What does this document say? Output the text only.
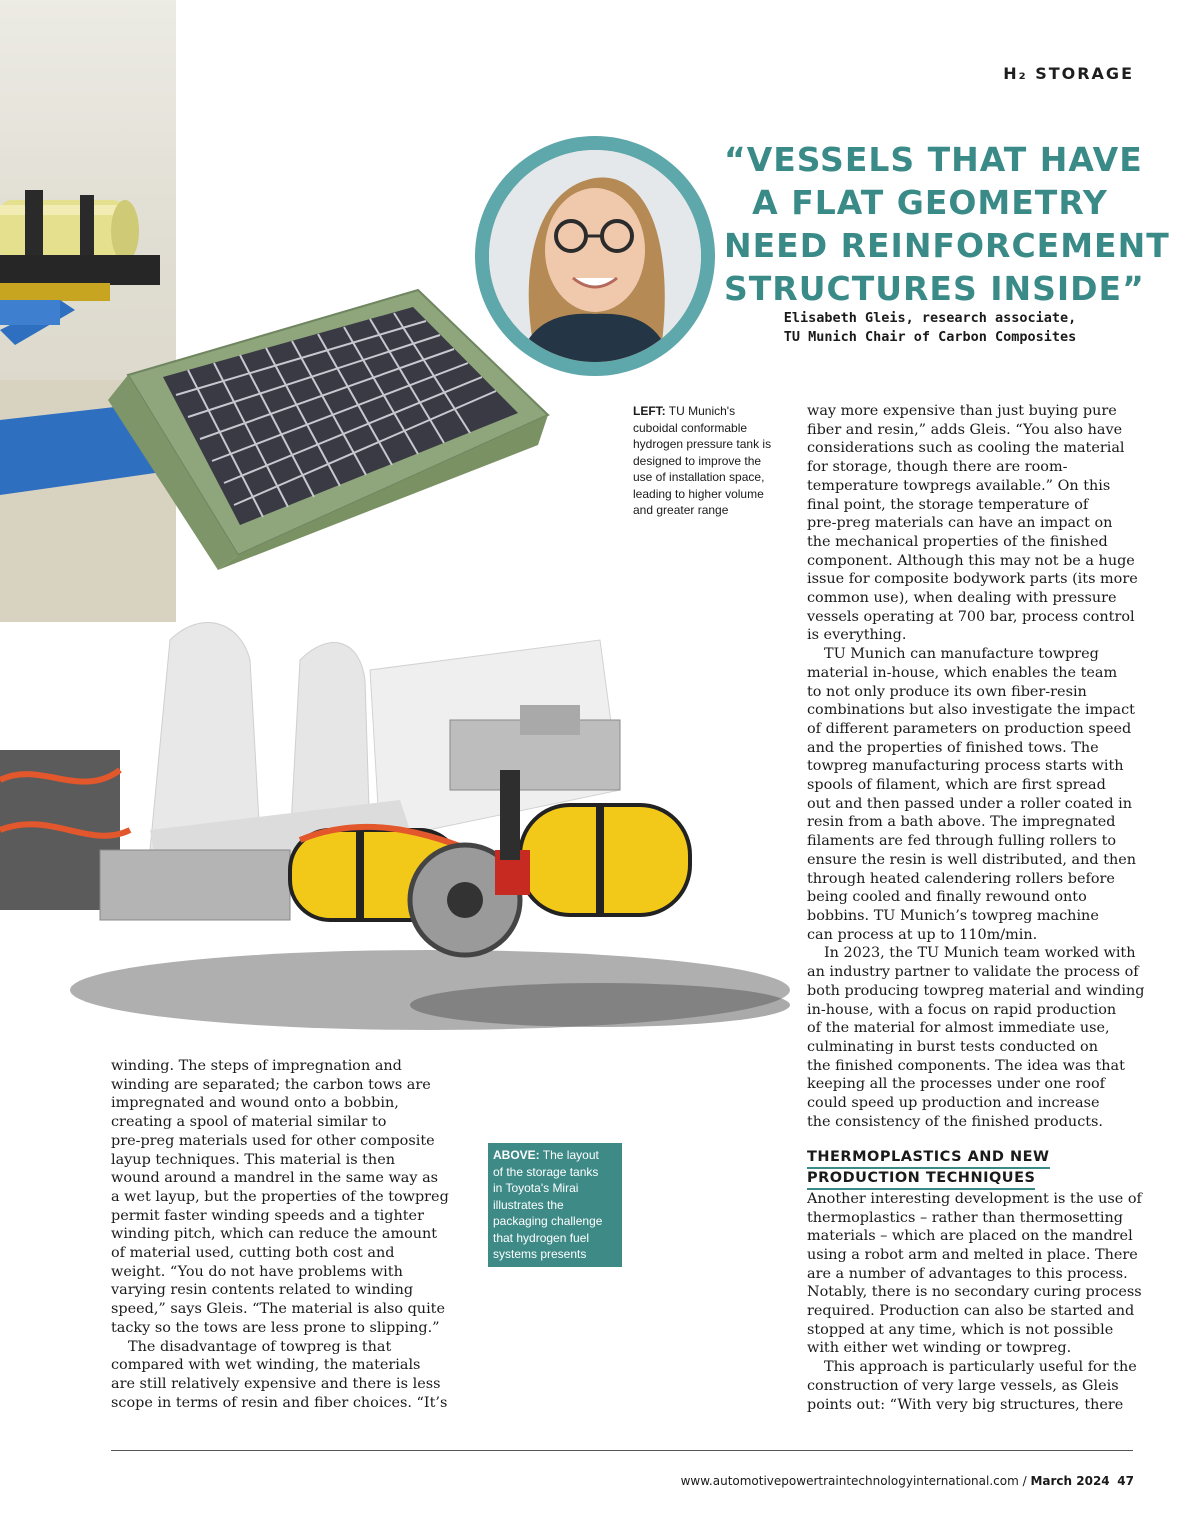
H₂ STORAGE
“VESSELS THAT HAVE
A FLAT GEOMETRY
NEED REINFORCEMENT
STRUCTURES INSIDE”
Elisabeth Gleis, research associate,
TU Munich Chair of Carbon Composites
LEFT: TU Munich's
cuboidal conformable
hydrogen pressure tank is
designed to improve the
use of installation space,
leading to higher volume
and greater range
ABOVE: The layout
of the storage tanks
in Toyota's Mirai
illustrates the
packaging challenge
that hydrogen fuel
systems presents
winding. The steps of impregnation and
winding are separated; the carbon tows are
impregnated and wound onto a bobbin,
creating a spool of material similar to
pre-preg materials used for other composite
layup techniques. This material is then
wound around a mandrel in the same way as
a wet layup, but the properties of the towpreg
permit faster winding speeds and a tighter
winding pitch, which can reduce the amount
of material used, cutting both cost and
weight. “You do not have problems with
varying resin contents related to winding
speed,” says Gleis. “The material is also quite
tacky so the tows are less prone to slipping.”
The disadvantage of towpreg is that
compared with wet winding, the materials
are still relatively expensive and there is less
scope in terms of resin and fiber choices. “It’s
way more expensive than just buying pure
fiber and resin,” adds Gleis. “You also have
considerations such as cooling the material
for storage, though there are room-
temperature towpregs available.” On this
final point, the storage temperature of
pre-preg materials can have an impact on
the mechanical properties of the finished
component. Although this may not be a huge
issue for composite bodywork parts (its more
common use), when dealing with pressure
vessels operating at 700 bar, process control
is everything.
TU Munich can manufacture towpreg
material in-house, which enables the team
to not only produce its own fiber-resin
combinations but also investigate the impact
of different parameters on production speed
and the properties of finished tows. The
towpreg manufacturing process starts with
spools of filament, which are first spread
out and then passed under a roller coated in
resin from a bath above. The impregnated
filaments are fed through fulling rollers to
ensure the resin is well distributed, and then
through heated calendering rollers before
being cooled and finally rewound onto
bobbins. TU Munich’s towpreg machine
can process at up to 110m/min.
In 2023, the TU Munich team worked with
an industry partner to validate the process of
both producing towpreg material and winding
in-house, with a focus on rapid production
of the material for almost immediate use,
culminating in burst tests conducted on
the finished components. The idea was that
keeping all the processes under one roof
could speed up production and increase
the consistency of the finished products.
THERMOPLASTICS AND NEW
PRODUCTION TECHNIQUES
Another interesting development is the use of
thermoplastics – rather than thermosetting
materials – which are placed on the mandrel
using a robot arm and melted in place. There
are a number of advantages to this process.
Notably, there is no secondary curing process
required. Production can also be started and
stopped at any time, which is not possible
with either wet winding or towpreg.
This approach is particularly useful for the
construction of very large vessels, as Gleis
points out: “With very big structures, there
www.automotivepowertraintechnologyinternational.com / March 2024 47
